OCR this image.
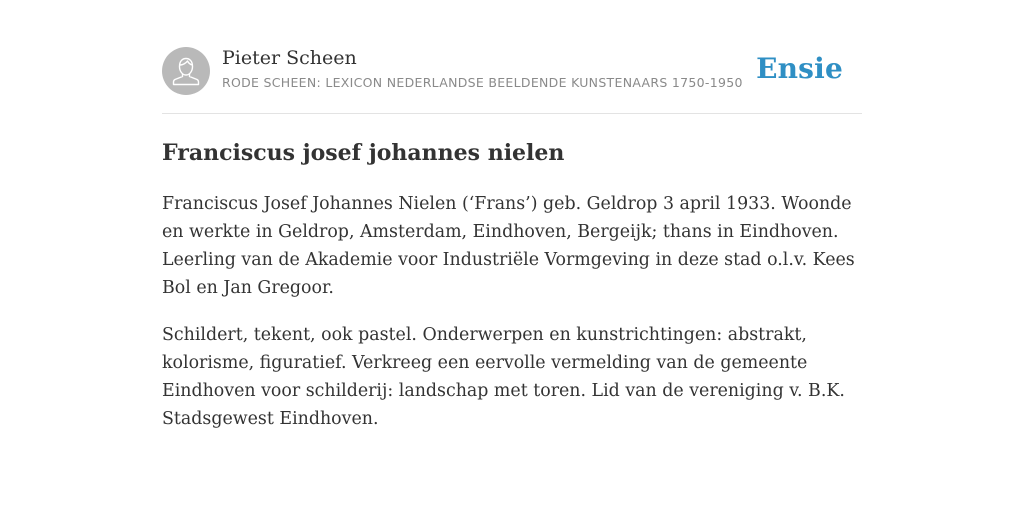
Pieter Scheen
RODE SCHEEN: LEXICON NEDERLANDSE BEELDENDE KUNSTENAARS 1750-1950 Ensie
Franciscus josef johannes nielen

Franciscus Josef Johannes Nielen (‘Frans’) geb. Geldrop 3 april 1933. Woonde en werkte in Geldrop, Amsterdam, Eindhoven, Bergeijk; thans in Eindhoven. Leerling van de Akademie voor Industriële Vormgeving in deze stad o.l.v. Kees Bol en Jan Gregoor.

Schildert, tekent, ook pastel. Onderwerpen en kunstrichtingen: abstrakt, kolorisme, figuratief. Verkreeg een eervolle vermelding van de gemeente Eindhoven voor schilderij: landschap met toren. Lid van de vereniging v. B.K. Stadsgewest Eindhoven.
